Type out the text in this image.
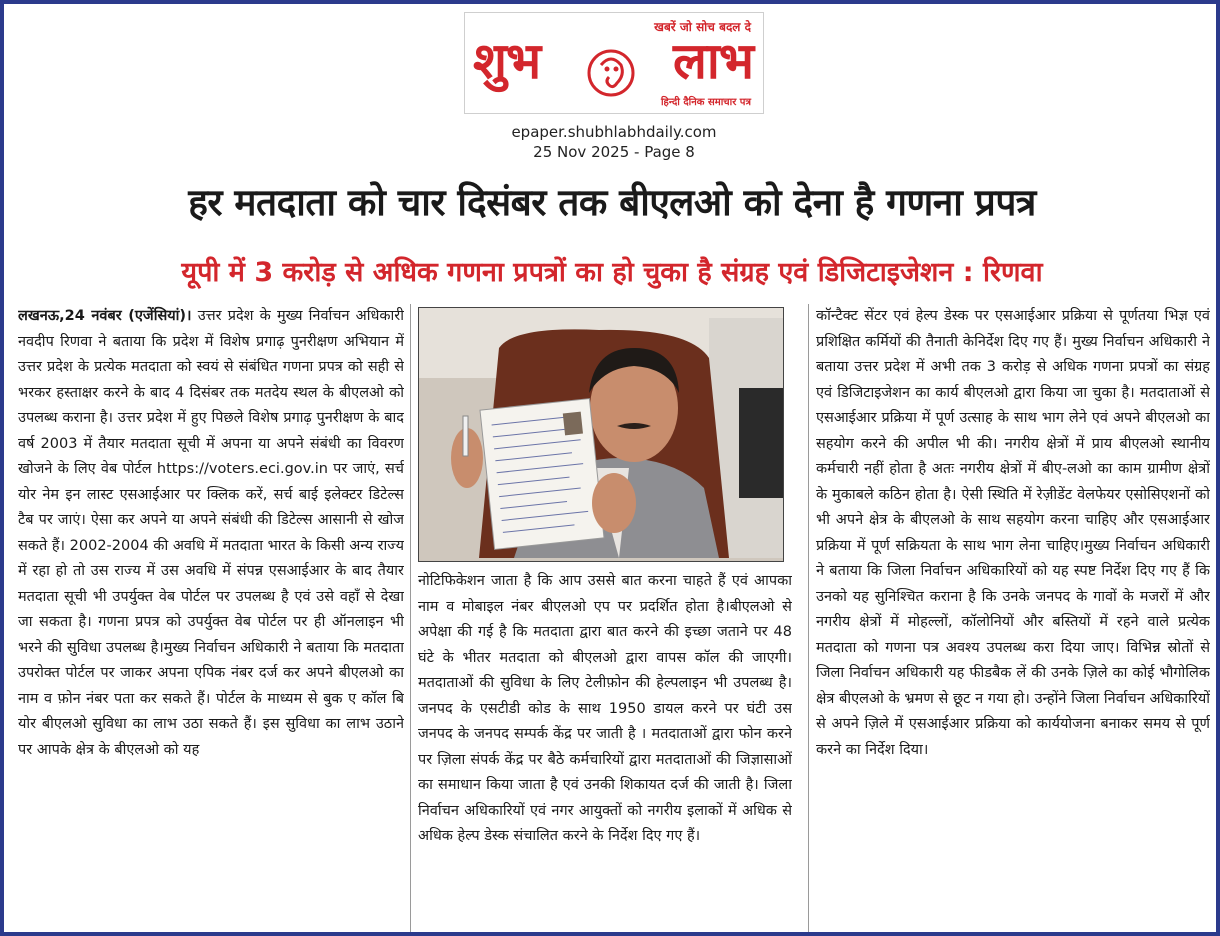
खबरें जो सोच बदल दे
शुभ	लाभ
हिन्दी दैनिक समाचार पत्र
epaper.shubhlabhdaily.com
25 Nov 2025 - Page 8
हर मतदाता को चार दिसंबर तक बीएलओ को देना है गणना प्रपत्र
यूपी में 3 करोड़ से अधिक गणना प्रपत्रों का हो चुका है संग्रह एवं डिजिटाइजेशन : रिणवा

लखनऊ,24 नवंबर (एजेंसियां)। उत्तर प्रदेश के मुख्य निर्वाचन अधिकारी नवदीप रिणवा ने बताया कि प्रदेश में विशेष प्रगाढ़ पुनरीक्षण अभियान में उत्तर प्रदेश के प्रत्येक मतदाता को स्वयं से संबंधित गणना प्रपत्र को सही से भरकर हस्ताक्षर करने के बाद 4 दिसंबर तक मतदेय स्थल के बीएलओ को उपलब्ध कराना है। उत्तर प्रदेश में हुए पिछले विशेष प्रगाढ़ पुनरीक्षण के बाद वर्ष 2003 में तैयार मतदाता सूची में अपना या अपने संबंधी का विवरण खोजने के लिए वेब पोर्टल https://voters.eci.gov.in पर जाएं, सर्च योर नेम इन लास्ट एसआईआर पर क्लिक करें, सर्च बाई इलेक्टर डिटेल्स टैब पर जाएं। ऐसा कर अपने या अपने संबंधी की डिटेल्स आसानी से खोज सकते हैं। 2002-2004 की अवधि में मतदाता भारत के किसी अन्य राज्य में रहा हो तो उस राज्य में उस अवधि में संपन्न एसआईआर के बाद तैयार मतदाता सूची भी उपर्युक्त वेब पोर्टल पर उपलब्ध है एवं उसे वहाँ से देखा जा सकता है। गणना प्रपत्र को उपर्युक्त वेब पोर्टल पर ही ऑनलाइन भी भरने की सुविधा उपलब्ध है।मुख्य निर्वाचन अधिकारी ने बताया कि मतदाता उपरोक्त पोर्टल पर जाकर अपना एपिक नंबर दर्ज कर अपने बीएलओ का नाम व फ़ोन नंबर पता कर सकते हैं। पोर्टल के माध्यम से बुक ए कॉल बि योर बीएलओ सुविधा का लाभ उठा सकते हैं। इस सुविधा का लाभ उठाने पर आपके क्षेत्र के बीएलओ को यह

नोटिफिकेशन जाता है कि आप उससे बात करना चाहते हैं एवं आपका नाम व मोबाइल नंबर बीएलओ एप पर प्रदर्शित होता है।बीएलओ से अपेक्षा की गई है कि मतदाता द्वारा बात करने की इच्छा जताने पर 48 घंटे के भीतर मतदाता को बीएलओ द्वारा वापस कॉल की जाएगी। मतदाताओं की सुविधा के लिए टेलीफ़ोन की हेल्पलाइन भी उपलब्ध है।जनपद के एसटीडी कोड के साथ 1950 डायल करने पर घंटी उस जनपद के जनपद सम्पर्क केंद्र पर जाती है । मतदाताओं द्वारा फोन करने पर ज़िला संपर्क केंद्र पर बैठे कर्मचारियों द्वारा मतदाताओं की जिज्ञासाओं का समाधान किया जाता है एवं उनकी शिकायत दर्ज की जाती है। जिला निर्वाचन अधिकारियों एवं नगर आयुक्तों को नगरीय इलाकों में अधिक से अधिक हेल्प डेस्क संचालित करने के निर्देश दिए गए हैं।

कॉन्टैक्ट सेंटर एवं हेल्प डेस्क पर एसआईआर प्रक्रिया से पूर्णतया भिज्ञ एवं प्रशिक्षित कर्मियों की तैनाती केनिर्देश दिए गए हैं। मुख्य निर्वाचन अधिकारी ने बताया उत्तर प्रदेश में अभी तक 3 करोड़ से अधिक गणना प्रपत्रों का संग्रह एवं डिजिटाइजेशन का कार्य बीएलओ द्वारा किया जा चुका है। मतदाताओं से एसआईआर प्रक्रिया में पूर्ण उत्साह के साथ भाग लेने एवं अपने बीएलओ का सहयोग करने की अपील भी की। नगरीय क्षेत्रों में प्राय बीएलओ स्थानीय कर्मचारी नहीं होता है अतः नगरीय क्षेत्रों में बीए-लओ का काम ग्रामीण क्षेत्रों के मुकाबले कठिन होता है। ऐसी स्थिति में रेज़ीडेंट वेलफेयर एसोसिएशनों को भी अपने क्षेत्र के बीएलओ के साथ सहयोग करना चाहिए और एसआईआर प्रक्रिया में पूर्ण सक्रियता के साथ भाग लेना चाहिए।मुख्य निर्वाचन अधिकारी ने बताया कि जिला निर्वाचन अधिकारियों को यह स्पष्ट निर्देश दिए गए हैं कि उनको यह सुनिश्चित कराना है कि उनके जनपद के गावों के मजरों में और नगरीय क्षेत्रों में मोहल्लों, कॉलोनियों और बस्तियों में रहने वाले प्रत्येक मतदाता को गणना पत्र अवश्य उपलब्ध करा दिया जाए। विभिन्न स्रोतों से जिला निर्वाचन अधिकारी यह फीडबैक लें की उनके ज़िले का कोई भौगोलिक क्षेत्र बीएलओ के भ्रमण से छूट न गया हो। उन्होंने जिला निर्वाचन अधिकारियों से अपने ज़िले में एसआईआर प्रक्रिया को कार्ययोजना बनाकर समय से पूर्ण करने का निर्देश दिया।
